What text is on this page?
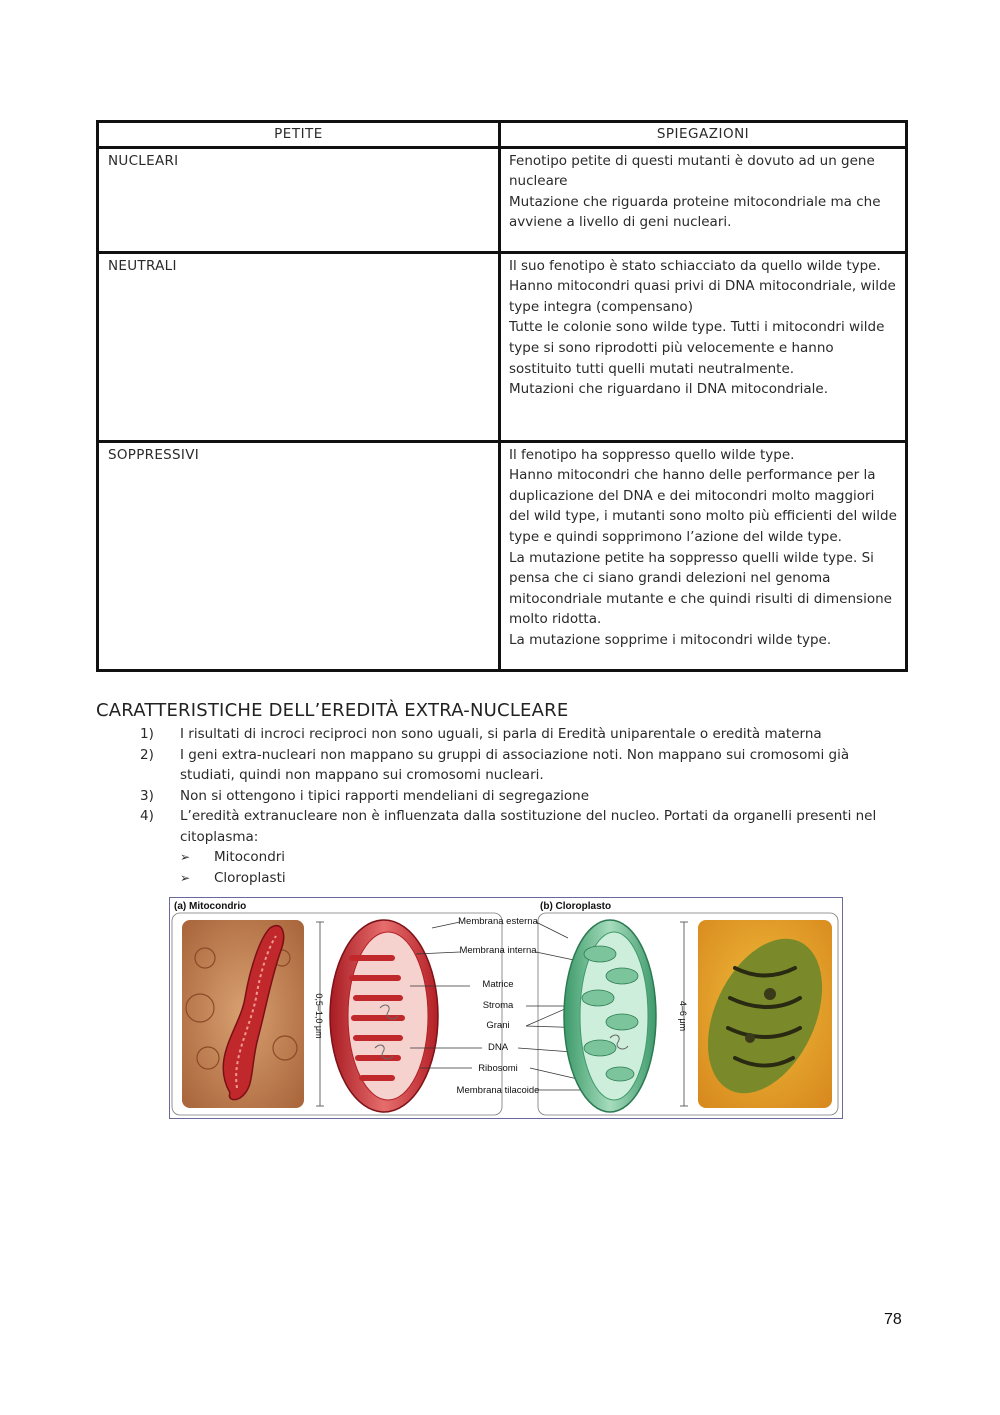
PETITE	SPIEGAZIONI
NUCLEARI	Fenotipo petite di questi mutanti è dovuto ad un gene nucleare
Mutazione che riguarda proteine mitocondriale ma che avviene a livello di geni nucleari.

NEUTRALI	Il suo fenotipo è stato schiacciato da quello wilde type.
Hanno mitocondri quasi privi di DNA mitocondriale, wilde type integra (compensano)
Tutte le colonie sono wilde type. Tutti i mitocondri wilde type si sono riprodotti più velocemente e hanno sostituito tutti quelli mutati neutralmente.
Mutazioni che riguardano il DNA mitocondriale.

SOPPRESSIVI	Il fenotipo ha soppresso quello wilde type.
Hanno mitocondri che hanno delle performance per la duplicazione del DNA e dei mitocondri molto maggiori del wild type, i mutanti sono molto più efficienti del wilde type e quindi sopprimono l’azione del wilde type.
La mutazione petite ha soppresso quelli wilde type. Si pensa che ci siano grandi delezioni nel genoma mitocondriale mutante e che quindi risulti di dimensione molto ridotta.
La mutazione sopprime i mitocondri wilde type.
CARATTERISTICHE DELL’EREDITÀ EXTRA-NUCLEARE
1) I risultati di incroci reciproci non sono uguali, si parla di Eredità uniparentale o eredità materna
2) I geni extra-nucleari non mappano su gruppi di associazione noti. Non mappano sui cromosomi già studiati, quindi non mappano sui cromosomi nucleari.
3) Non si ottengono i tipici rapporti mendeliani di segregazione
4) L’eredità extranucleare non è influenzata dalla sostituzione del nucleo. Portati da organelli presenti nel citoplasma:
➢ Mitocondri
➢ Cloroplasti
(a) Mitocondrio	(b) Cloroplasto
0,5–1,0 μm
Membrana esterna
Membrana interna
Matrice
Stroma
Grani
DNA
Ribosomi
Membrana tilacoide
4–6 μm
78
